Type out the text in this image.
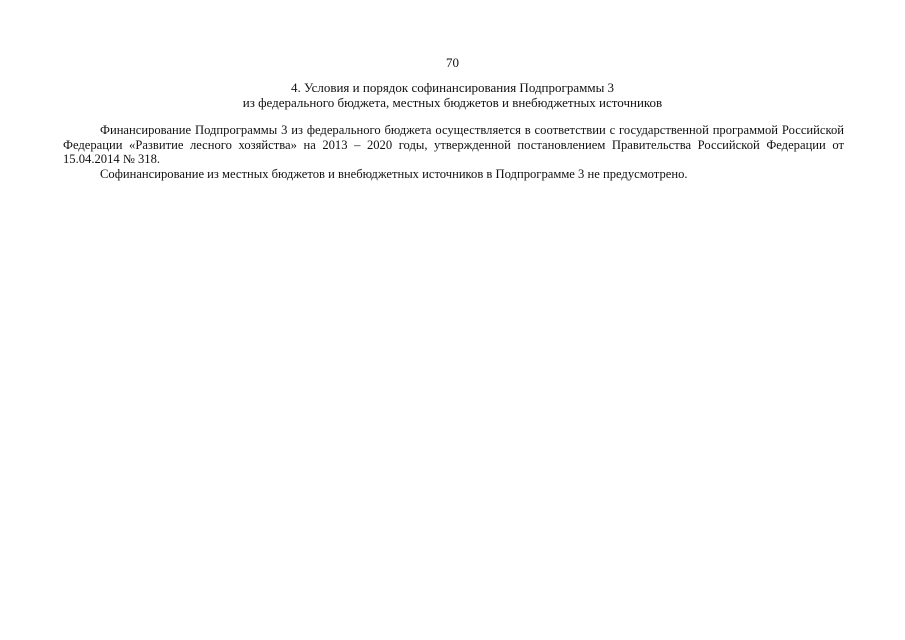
70
4. Условия и порядок софинансирования Подпрограммы 3
из федерального бюджета, местных бюджетов и внебюджетных источников

Финансирование Подпрограммы 3 из федерального бюджета осуществляется в соответствии с государственной программой Российской Федерации «Развитие лесного хозяйства» на 2013 – 2020 годы, утвержденной постановлением Правительства Российской Федерации от 15.04.2014 № 318.

Софинансирование из местных бюджетов и внебюджетных источников в Подпрограмме 3 не предусмотрено.
